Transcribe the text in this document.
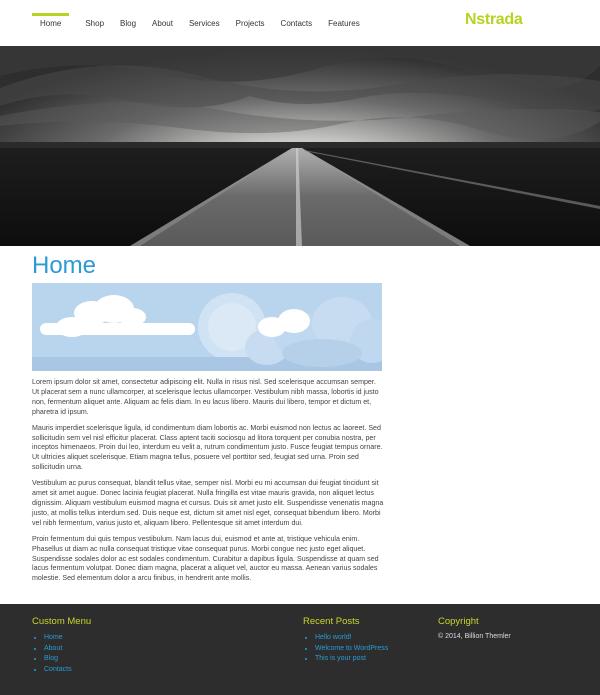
Home	Shop Blog About Services Projects Contacts Features	Nstrada
Home

Lorem ipsum dolor sit amet, consectetur adipiscing elit. Nulla in risus nisl. Sed scelerisque accumsan semper. Ut placerat sem a nunc ullamcorper, at scelerisque lectus ullamcorper. Vestibulum nibh massa, lobortis id justo non, fermentum aliquet ante. Aliquam ac felis diam. In eu lacus libero. Mauris dui libero, tempor et dictum et, pharetra id ipsum.

Mauris imperdiet scelerisque ligula, id condimentum diam lobortis ac. Morbi euismod non lectus ac laoreet. Sed sollicitudin sem vel nisl efficitur placerat. Class aptent taciti sociosqu ad litora torquent per conubia nostra, per inceptos himenaeos. Proin dui leo, interdum eu velit a, rutrum condimentum justo. Fusce feugiat tempus ornare. Ut ultricies aliquet scelerisque. Etiam magna tellus, posuere vel porttitor sed, feugiat sed urna. Proin sed sollicitudin urna.

Vestibulum ac purus consequat, blandit tellus vitae, semper nisl. Morbi eu mi accumsan dui feugiat tincidunt sit amet sit amet augue. Donec lacinia feugiat placerat. Nulla fringilla est vitae mauris gravida, non aliquet lectus dignissim. Aliquam vestibulum euismod magna et cursus. Duis sit amet justo elit. Suspendisse venenatis magna justo, at mollis tellus interdum sed. Duis neque est, dictum sit amet nisl eget, consequat bibendum libero. Morbi vel nibh fermentum, varius justo et, aliquam libero. Pellentesque sit amet interdum dui.

Proin fermentum dui quis tempus vestibulum. Nam lacus dui, euismod et ante at, tristique vehicula enim. Phasellus ut diam ac nulla consequat tristique vitae consequat purus. Morbi congue nec justo eget aliquet. Suspendisse sodales dolor ac est sodales condimentum. Curabitur a dapibus ligula. Suspendisse at quam sed lacus fermentum volutpat. Donec diam magna, placerat a aliquet vel, auctor eu massa. Aenean varius sodales molestie. Sed elementum dolor a arcu finibus, in hendrerit ante mollis.

Custom Menu
• Home
• About
• Blog
• Contacts
Recent Posts
• Hello world!
• Welcome to WordPress
• This is your post
Copyright
© 2014, Billion Themler
